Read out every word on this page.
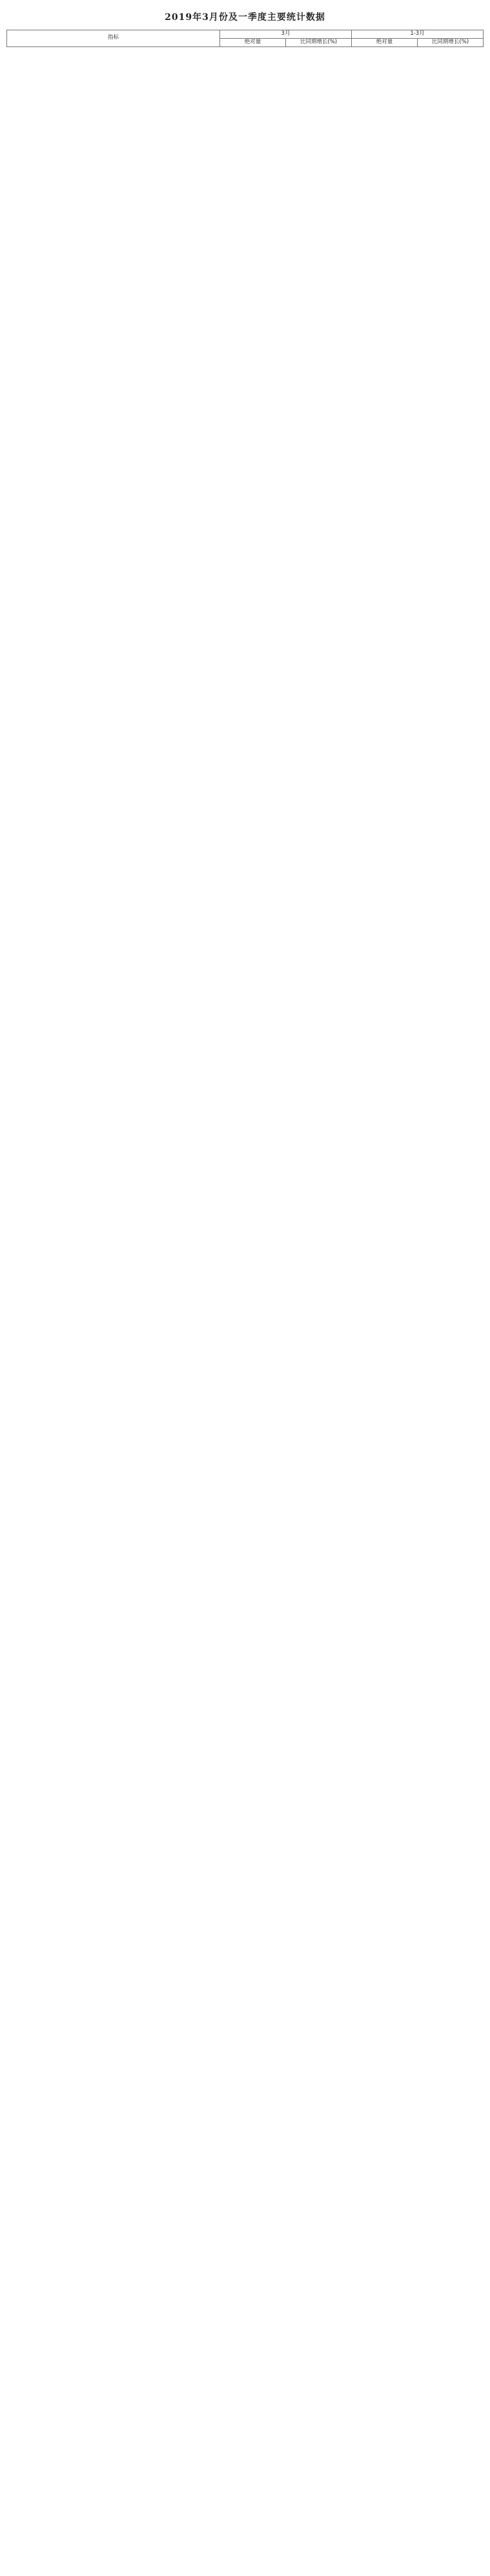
2019年3月份及一季度主要统计数据
指标	3月		1-3月	
	绝对量	比同期增长(%)	绝对量	比同期增长(%)
